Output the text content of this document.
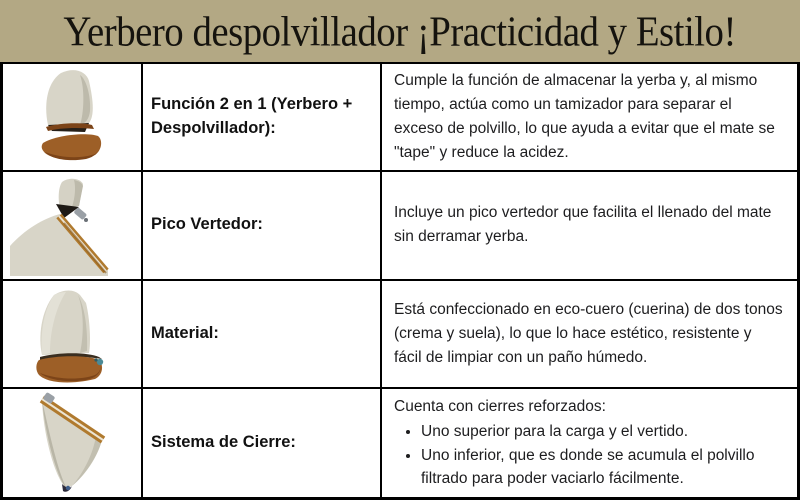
Yerbero despolvillador ¡Practicidad y Estilo!
Función 2 en 1 (Yerbero + Despolvillador):
Cumple la función de almacenar la yerba y, al mismo tiempo, actúa como un tamizador para separar el exceso de polvillo, lo que ayuda a evitar que el mate se "tape" y reduce la acidez.
Pico Vertedor:
Incluye un pico vertedor que facilita el llenado del mate sin derramar yerba.
Material:
Está confeccionado en eco-cuero (cuerina) de dos tonos (crema y suela), lo que lo hace estético, resistente y fácil de limpiar con un paño húmedo.
Sistema de Cierre:
Cuenta con cierres reforzados:
• Uno superior para la carga y el vertido.
• Uno inferior, que es donde se acumula el polvillo filtrado para poder vaciarlo fácilmente.
